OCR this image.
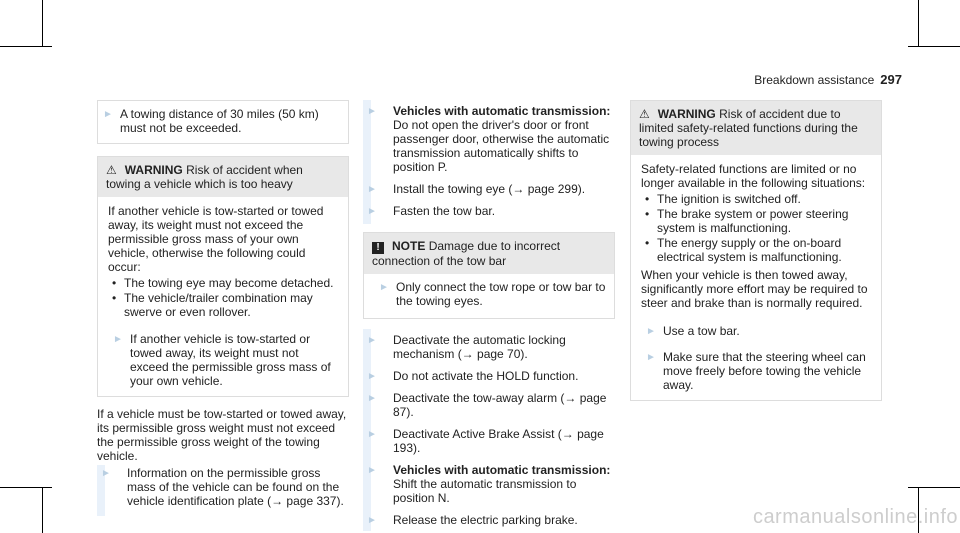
Breakdown assistance 297

► A towing distance of 30 miles (50 km) must not be exceeded.

⚠ WARNING Risk of accident when towing a vehicle which is too heavy

If another vehicle is tow-started or towed away, its weight must not exceed the permissible gross mass of your own vehicle, otherwise the following could occur:

• The towing eye may become detached.
• The vehicle/trailer combination may swerve or even rollover.

► If another vehicle is tow-started or towed away, its weight must not exceed the permissible gross mass of your own vehicle.

If a vehicle must be tow-started or towed away, its permissible gross weight must not exceed the permissible gross weight of the towing vehicle.

► Information on the permissible gross mass of the vehicle can be found on the vehicle identification plate (→ page 337).

► Vehicles with automatic transmission: Do not open the driver's door or front passenger door, otherwise the automatic transmission automatically shifts to position P.

► Install the towing eye (→ page 299).

► Fasten the tow bar.

! NOTE Damage due to incorrect connection of the tow bar

► Only connect the tow rope or tow bar to the towing eyes.

► Deactivate the automatic locking mechanism (→ page 70).

► Do not activate the HOLD function.

► Deactivate the tow-away alarm (→ page 87).

► Deactivate Active Brake Assist (→ page 193).

► Vehicles with automatic transmission:
Shift the automatic transmission to position N.

► Release the electric parking brake.

⚠ WARNING Risk of accident due to limited safety-related functions during the towing process

Safety-related functions are limited or no longer available in the following situations:

• The ignition is switched off.
• The brake system or power steering system is malfunctioning.
• The energy supply or the on-board electrical system is malfunctioning.

When your vehicle is then towed away, significantly more effort may be required to steer and brake than is normally required.

► Use a tow bar.

► Make sure that the steering wheel can move freely before towing the vehicle away.

carmanualsonline.info
